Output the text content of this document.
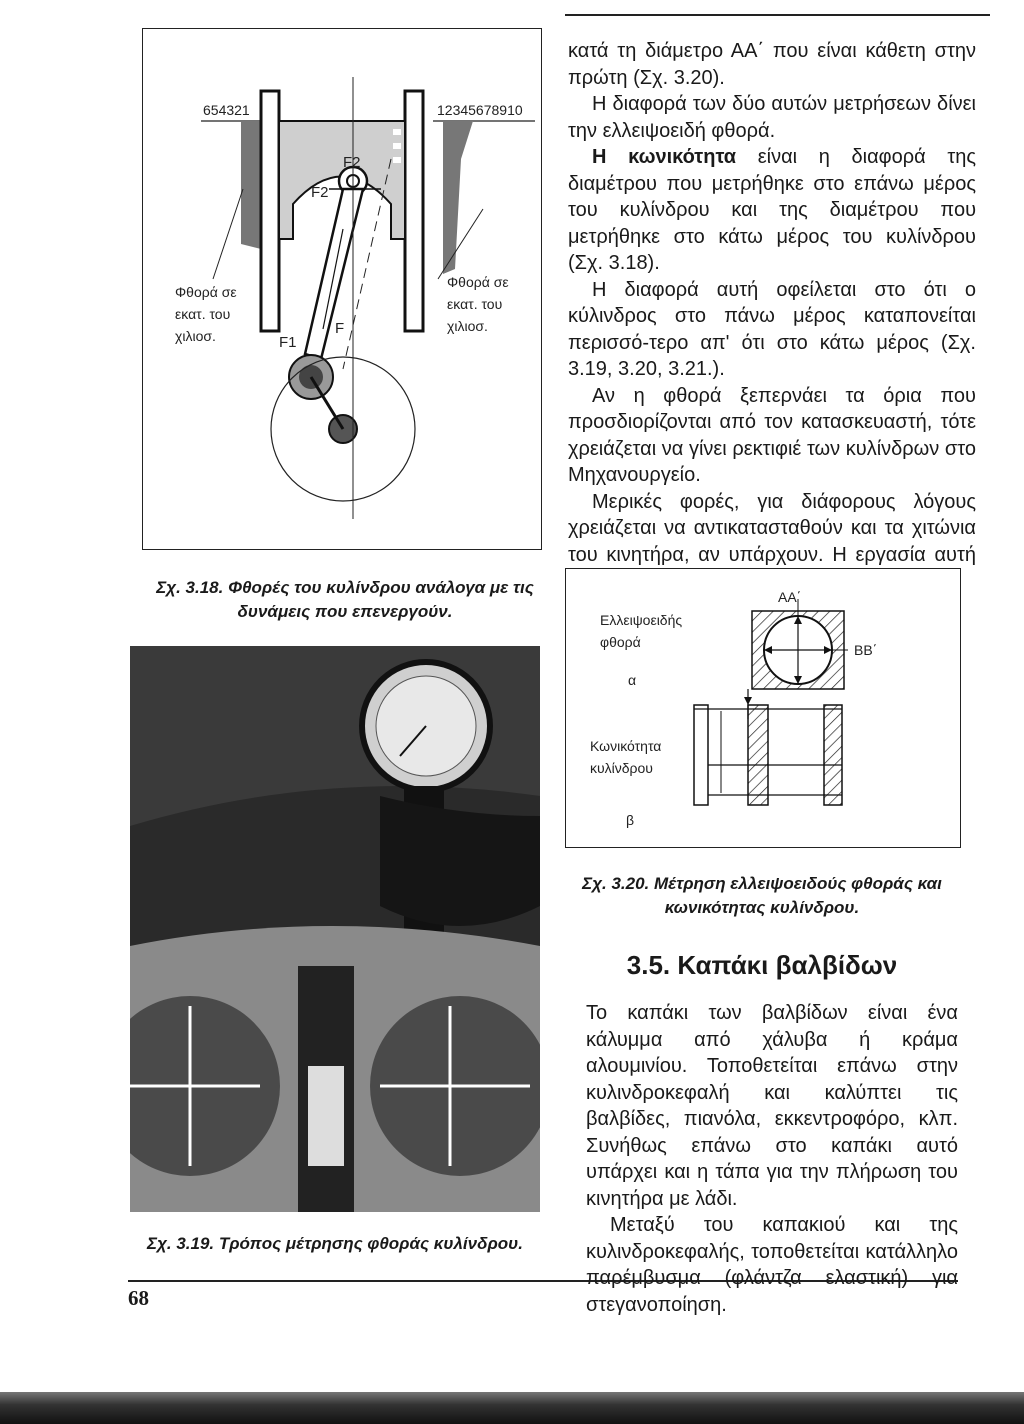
654321	12345678910
F2
F2
F1
F
Φθορά σε
εκατ. του
χιλιοσ.
Φθορά σε
εκατ. του
χιλιοσ.
Σχ. 3.18. Φθορές του κυλίνδρου ανάλογα με τις
δυνάμεις που επενεργούν.
Σχ. 3.19. Τρόπος μέτρησης φθοράς κυλίνδρου.

κατά τη διάμετρο ΑΑ΄ που είναι κάθετη στην πρώτη (Σχ. 3.20).

Η διαφορά των δύο αυτών μετρήσεων δίνει την ελλειψοειδή φθορά.

Η κωνικότητα είναι η διαφορά της διαμέτρου που μετρήθηκε στο επάνω μέρος του κυλίνδρου και της διαμέτρου που μετρήθηκε στο κάτω μέρος του κυλίνδρου (Σχ. 3.18).

Η διαφορά αυτή οφείλεται στο ότι ο κύλινδρος στο πάνω μέρος καταπονείται περισσό-τερο απ' ότι στο κάτω μέρος (Σχ. 3.19, 3.20, 3.21.).

Αν η φθορά ξεπερνάει τα όρια που προσδιορίζονται από τον κατασκευαστή, τότε χρειάζεται να γίνει ρεκτιφιέ των κυλίνδρων στο Μηχανουργείο.

Μερικές φορές, για διάφορους λόγους χρειάζεται να αντικατασταθούν και τα χιτώνια του κινητήρα, αν υπάρχουν. Η εργασία αυτή

ΑΑ΄
ΒΒ΄
Ελλειψοειδής
φθορά
α
Κωνικότητα
κυλίνδρου
β
Σχ. 3.20. Μέτρηση ελλειψοειδούς φθοράς και
κωνικότητας κυλίνδρου.
3.5. Καπάκι βαλβίδων

Το καπάκι των βαλβίδων είναι ένα κάλυμμα από χάλυβα ή κράμα αλουμινίου. Τοποθετείται επάνω στην κυλινδροκεφαλή και καλύπτει τις βαλβίδες, πιανόλα, εκκεντροφόρο, κλπ. Συνήθως επάνω στο καπάκι αυτό υπάρχει και η τάπα για την πλήρωση του κινητήρα με λάδι.

Μεταξύ του καπακιού και της κυλινδροκεφαλής, τοποθετείται κατάλληλο παρέμβυσμα (φλάντζα ελαστική) για στεγανοποίηση.

68
